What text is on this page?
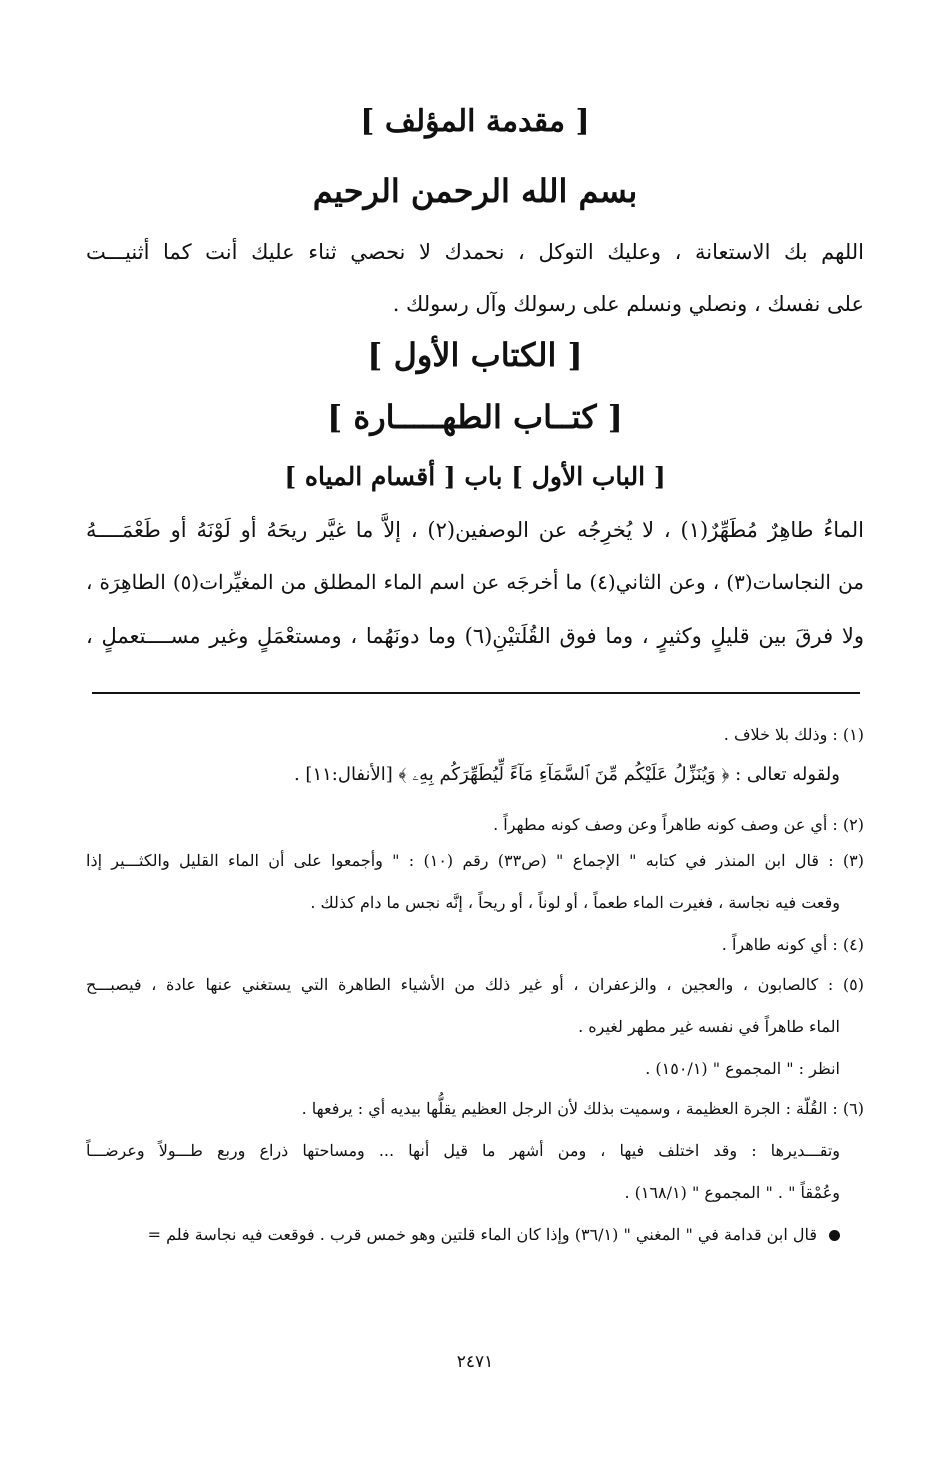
[ مقدمة المؤلف ]
بسم الله الرحمن الرحيم
اللهم بك الاستعانة ، وعليك التوكل ، نحمدك لا نحصي ثناء عليك أنت كما أثنيـــت
على نفسك ، ونصلي ونسلم على رسولك وآل رسولك .
[ الكتاب الأول ]
[ كتــاب الطهـــــارة ]
[ الباب الأول ] باب [ أقسام المياه ]
الماءُ طاهِرٌ مُطَهِّرٌ(١) ، لا يُخرِجُه عن الوصفين(٢) ، إلاَّ ما غيَّر ريحَهُ أو لَوْنَهُ أو طَعْمَــــهُ
من النجاسات(٣) ، وعن الثاني(٤) ما أخرجَه عن اسم الماء المطلق من المغيِّرات(٥) الطاهِرَة ،
ولا فرقَ بين قليلٍ وكثيرٍ ، وما فوق القُلَتيْنِ(٦) وما دونَهُما ، ومستعْمَلٍ وغير مســــتعملٍ ،
(١) : وذلك بلا خلاف .
ولقوله تعالى : ﴿ وَيُنَزِّلُ عَلَيْكُم مِّنَ ٱلسَّمَآءِ مَآءً لِّيُطَهِّرَكُم بِهِۦ ﴾ [الأنفال:١١] .
(٢) : أي عن وصف كونه طاهراً وعن وصف كونه مطهراً .
(٣) : قال ابن المنذر في كتابه " الإجماع " (ص٣٣) رقم (١٠) : " وأجمعوا على أن الماء القليل والكثـــير إذا
وقعت فيه نجاسة ، فغيرت الماء طعماً ، أو لوناً ، أو ريحاً ، إنَّه نجس ما دام كذلك .
(٤) : أي كونه طاهراً .
(٥) : كالصابون ، والعجين ، والزعفران ، أو غير ذلك من الأشياء الطاهرة التي يستغني عنها عادة ، فيصبـــح
الماء طاهراً في نفسه غير مطهر لغيره .
انظر : " المجموع " (١٥٠/١) .
(٦) : القُلّة : الجرة العظيمة ، وسميت بذلك لأن الرجل العظيم يقلُّها بيديه أي : يرفعها .
وتقـــديرها : وقد اختلف فيها ، ومن أشهر ما قيل أنها ... ومساحتها ذراع وربع طـــولاً وعرضـــاً
وعُمْقاً " . " المجموع " (١٦٨/١) .
قال ابن قدامة في " المغني " (٣٦/١) وإذا كان الماء قلتين وهو خمس قرب . فوقعت فيه نجاسة فلم =
٢٤٧١
